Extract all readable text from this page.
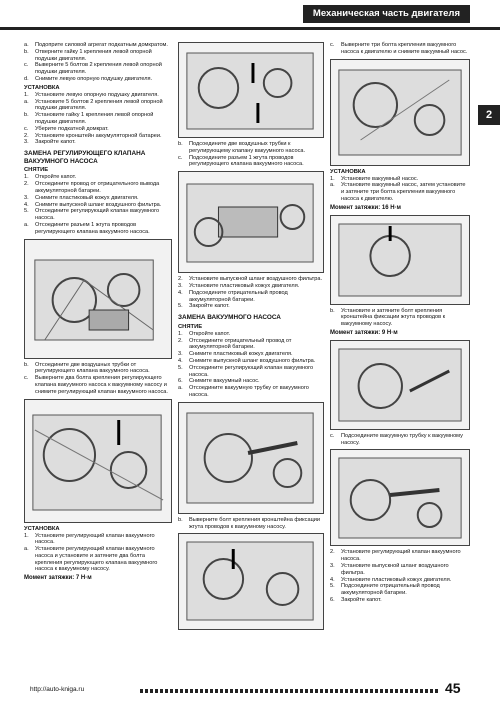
Механическая часть двигателя
2
a.	Подоприте силовой агрегат подкатным домкратом.
b.	Отверните гайку 1 крепления левой опорной подушки двигателя.
c.	Выверните 5 болтов 2 крепления левой опорной подушки двигателя.
d.	Снимите левую опорную подушку двигателя.
УСТАНОВКА
1.	Установите левую опорную подушку двигателя.
a.	Установите 5 болтов 2 крепления левой опорной подушки двигателя.
b.	Установите гайку 1 крепления левой опорной подушки двигателя.
c.	Уберите подкатной домкрат.
2.	Установите кронштейн аккумуляторной батареи.
3.	Закройте капот.
ЗАМЕНА РЕГУЛИРУЮЩЕГО КЛАПАНА ВАКУУМНОГО НАСОСА
СНЯТИЕ
1.	Откройте капот.
2.	Отсоедините провод от отрицательного вывода аккумуляторной батареи.
3.	Снимите пластиковый кожух двигателя.
4.	Снимите выпускной шланг воздушного фильтра.
5.	Отсоедините регулирующий клапан вакуумного насоса.
a.	Отсоедините разъем 1 жгута проводов регулирующего клапана вакуумного насоса.
b.	Отсоедините две воздушных трубки от регулирующего клапана вакуумного насоса.
c.	Выверните два болта крепления регулирующего клапана вакуумного насоса к вакуумному насосу и снимите регулирующий клапан вакуумного насоса.
УСТАНОВКА
1.	Установите регулирующий клапан вакуумного насоса.
a.	Установите регулирующий клапан вакуумного насоса и установите и затяните два болта крепления регулирующего клапана вакуумного насоса к вакуумному насосу.
Момент затяжки: 7 Н·м
b.	Подсоедините две воздушных трубки к регулирующему клапану вакуумного насоса.
c.	Подсоедините разъем 1 жгута проводов регулирующего клапана вакуумного насоса.
2.	Установите выпускной шланг воздушного фильтра.
3.	Установите пластиковый кожух двигателя.
4.	Подсоедините отрицательный провод аккумуляторной батареи.
5.	Закройте капот.
ЗАМЕНА ВАКУУМНОГО НАСОСА
СНЯТИЕ
1.	Откройте капот.
2.	Отсоедините отрицательный провод от аккумуляторной батареи.
3.	Снимите пластиковый кожух двигателя.
4.	Снимите выпускной шланг воздушного фильтра.
5.	Отсоедините регулирующий клапан вакуумного насоса.
6.	Снимите вакуумный насос.
a.	Отсоедините вакуумную трубку от вакуумного насоса.
b.	Выверните болт крепления кронштейна фиксации жгута проводов к вакуумному насосу.
c.	Выверните три болта крепления вакуумного насоса к двигателю и снимите вакуумный насос.
УСТАНОВКА
1.	Установите вакуумный насос.
a.	Установите вакуумный насос, затем установите и затяните три болта крепления вакуумного насоса к двигателю.
Момент затяжки: 16 Н·м
b.	Установите и затяните болт крепления кронштейна фиксации жгута проводов к вакуумному насосу.
Момент затяжки: 9 Н·м
c.	Подсоедините вакуумную трубку к вакуумному насосу.
2.	Установите регулирующий клапан вакуумного насоса.
3.	Установите выпускной шланг воздушного фильтра.
4.	Установите пластиковый кожух двигателя.
5.	Подсоедините отрицательный провод аккумуляторной батареи.
6.	Закройте капот.
http://auto-kniga.ru	45
